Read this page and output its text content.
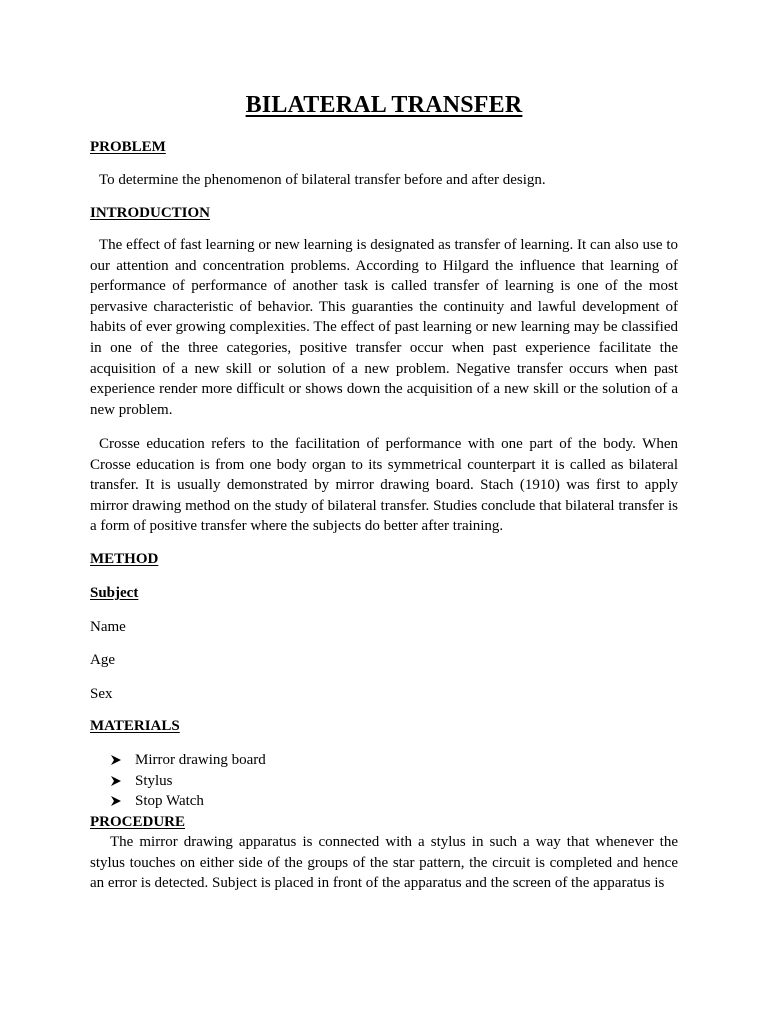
BILATERAL TRANSFER
PROBLEM

To determine the phenomenon of bilateral transfer before and after design.

INTRODUCTION

The effect of fast learning or new learning is designated as transfer of learning. It can also use to our attention and concentration problems. According to Hilgard the influence that learning of performance of performance of another task is called transfer of learning is one of the most pervasive characteristic of behavior. This guaranties the continuity and lawful development of habits of ever growing complexities. The effect of past learning or new learning may be classified in one of the three categories, positive transfer occur when past experience facilitate the acquisition of a new skill or solution of a new problem. Negative transfer occurs when past experience render more difficult or shows down the acquisition of a new skill or the solution of a new problem.

Crosse education refers to the facilitation of performance with one part of the body. When Crosse education is from one body organ to its symmetrical counterpart it is called as bilateral transfer. It is usually demonstrated by mirror drawing board. Stach (1910) was first to apply mirror drawing method on the study of bilateral transfer. Studies conclude that bilateral transfer is a form of positive transfer where the subjects do better after training.

METHOD
Subject
Name
Age
Sex
MATERIALS
Mirror drawing board
Stylus
Stop Watch
PROCEDURE

The mirror drawing apparatus is connected with a stylus in such a way that whenever the stylus touches on either side of the groups of the star pattern, the circuit is completed and hence an error is detected. Subject is placed in front of the apparatus and the screen of the apparatus is
